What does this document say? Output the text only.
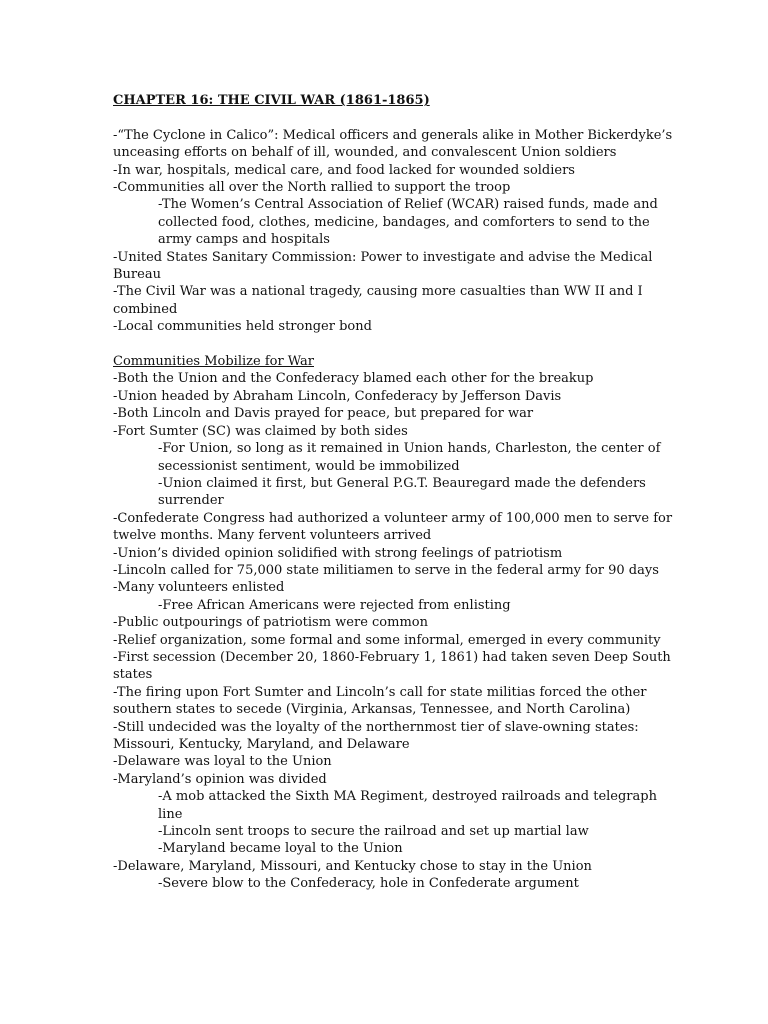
CHAPTER 16: THE CIVIL WAR (1861-1865)
-“The Cyclone in Calico”: Medical officers and generals alike in Mother Bickerdyke’s unceasing efforts on behalf of ill, wounded, and convalescent Union soldiers
-In war, hospitals, medical care, and food lacked for wounded soldiers
-Communities all over the North rallied to support the troop
-The Women’s Central Association of Relief (WCAR) raised funds, made and collected food, clothes, medicine, bandages, and comforters to send to the army camps and hospitals
-United States Sanitary Commission: Power to investigate and advise the Medical Bureau
-The Civil War was a national tragedy, causing more casualties than WW II and I combined
-Local communities held stronger bond
Communities Mobilize for War
-Both the Union and the Confederacy blamed each other for the breakup
-Union headed by Abraham Lincoln, Confederacy by Jefferson Davis
-Both Lincoln and Davis prayed for peace, but prepared for war
-Fort Sumter (SC) was claimed by both sides
-For Union, so long as it remained in Union hands, Charleston, the center of secessionist sentiment, would be immobilized
-Union claimed it first, but General P.G.T. Beauregard made the defenders surrender
-Confederate Congress had authorized a volunteer army of 100,000 men to serve for twelve months. Many fervent volunteers arrived
-Union’s divided opinion solidified with strong feelings of patriotism
-Lincoln called for 75,000 state militiamen to serve in the federal army for 90 days
-Many volunteers enlisted
-Free African Americans were rejected from enlisting
-Public outpourings of patriotism were common
-Relief organization, some formal and some informal, emerged in every community
-First secession (December 20, 1860-February 1, 1861) had taken seven Deep South states
-The firing upon Fort Sumter and Lincoln’s call for state militias forced the other southern states to secede (Virginia, Arkansas, Tennessee, and North Carolina)
-Still undecided was the loyalty of the northernmost tier of slave-owning states: Missouri, Kentucky, Maryland, and Delaware
-Delaware was loyal to the Union
-Maryland’s opinion was divided
-A mob attacked the Sixth MA Regiment, destroyed railroads and telegraph line
-Lincoln sent troops to secure the railroad and set up martial law
-Maryland became loyal to the Union
-Delaware, Maryland, Missouri, and Kentucky chose to stay in the Union
-Severe blow to the Confederacy, hole in Confederate argument
